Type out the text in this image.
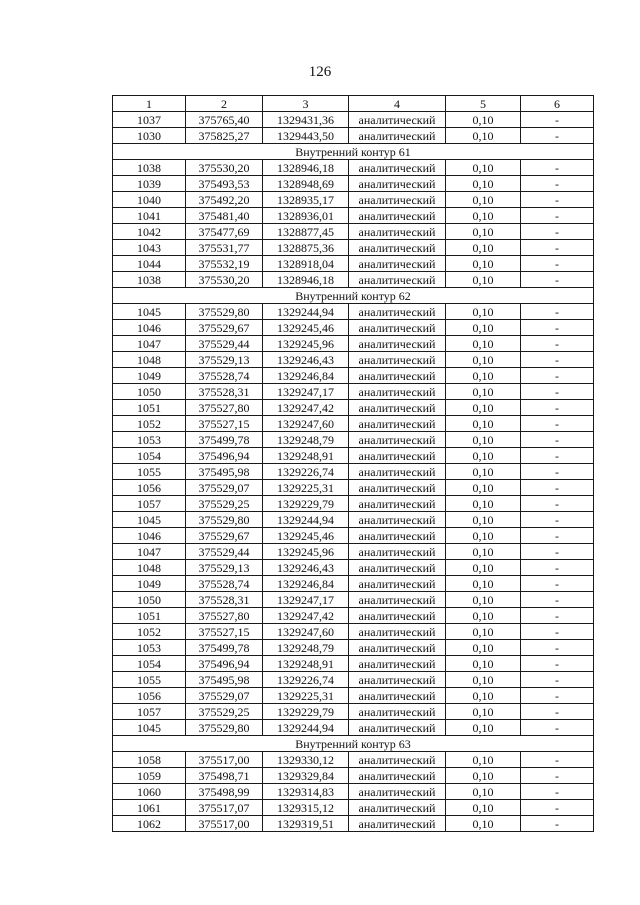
126
1	2	3	4	5	6
1037	375765,40	1329431,36	аналитический	0,10	-
1030	375825,27	1329443,50	аналитический	0,10	-
Внутренний контур 61					
1038	375530,20	1328946,18	аналитический	0,10	-
1039	375493,53	1328948,69	аналитический	0,10	-
1040	375492,20	1328935,17	аналитический	0,10	-
1041	375481,40	1328936,01	аналитический	0,10	-
1042	375477,69	1328877,45	аналитический	0,10	-
1043	375531,77	1328875,36	аналитический	0,10	-
1044	375532,19	1328918,04	аналитический	0,10	-
1038	375530,20	1328946,18	аналитический	0,10	-
Внутренний контур 62					
1045	375529,80	1329244,94	аналитический	0,10	-
1046	375529,67	1329245,46	аналитический	0,10	-
1047	375529,44	1329245,96	аналитический	0,10	-
1048	375529,13	1329246,43	аналитический	0,10	-
1049	375528,74	1329246,84	аналитический	0,10	-
1050	375528,31	1329247,17	аналитический	0,10	-
1051	375527,80	1329247,42	аналитический	0,10	-
1052	375527,15	1329247,60	аналитический	0,10	-
1053	375499,78	1329248,79	аналитический	0,10	-
1054	375496,94	1329248,91	аналитический	0,10	-
1055	375495,98	1329226,74	аналитический	0,10	-
1056	375529,07	1329225,31	аналитический	0,10	-
1057	375529,25	1329229,79	аналитический	0,10	-
1045	375529,80	1329244,94	аналитический	0,10	-
1046	375529,67	1329245,46	аналитический	0,10	-
1047	375529,44	1329245,96	аналитический	0,10	-
1048	375529,13	1329246,43	аналитический	0,10	-
1049	375528,74	1329246,84	аналитический	0,10	-
1050	375528,31	1329247,17	аналитический	0,10	-
1051	375527,80	1329247,42	аналитический	0,10	-
1052	375527,15	1329247,60	аналитический	0,10	-
1053	375499,78	1329248,79	аналитический	0,10	-
1054	375496,94	1329248,91	аналитический	0,10	-
1055	375495,98	1329226,74	аналитический	0,10	-
1056	375529,07	1329225,31	аналитический	0,10	-
1057	375529,25	1329229,79	аналитический	0,10	-
1045	375529,80	1329244,94	аналитический	0,10	-
Внутренний контур 63					
1058	375517,00	1329330,12	аналитический	0,10	-
1059	375498,71	1329329,84	аналитический	0,10	-
1060	375498,99	1329314,83	аналитический	0,10	-
1061	375517,07	1329315,12	аналитический	0,10	-
1062	375517,00	1329319,51	аналитический	0,10	-
